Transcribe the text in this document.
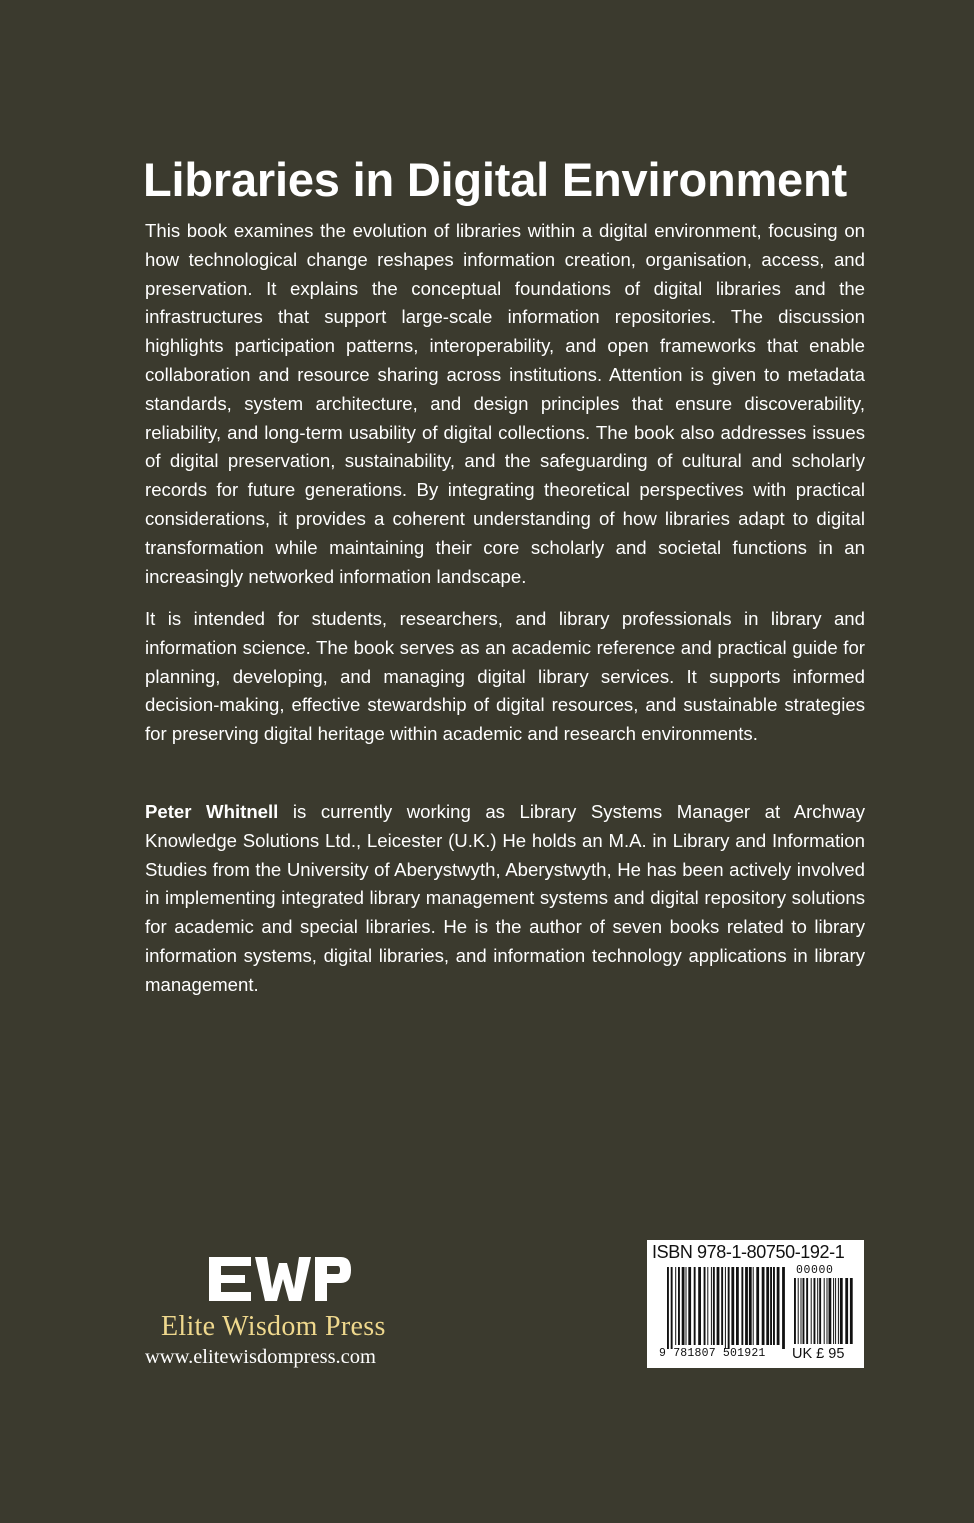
Libraries in Digital Environment

This book examines the evolution of libraries within a digital environment, focusing on how technological change reshapes information creation, organisation, access, and preservation. It explains the conceptual foundations of digital libraries and the infrastructures that support large-scale information repositories. The discussion highlights participation patterns, interoperability, and open frameworks that enable collaboration and resource sharing across institutions. Attention is given to metadata standards, system architecture, and design principles that ensure discoverability, reliability, and long-term usability of digital collections. The book also addresses issues of digital preservation, sustainability, and the safeguarding of cultural and scholarly records for future generations. By integrating theoretical perspectives with practical considerations, it provides a coherent understanding of how libraries adapt to digital transformation while maintaining their core scholarly and societal functions in an increasingly networked information landscape.

It is intended for students, researchers, and library professionals in library and information science. The book serves as an academic reference and practical guide for planning, developing, and managing digital library services. It supports informed decision-making, effective stewardship of digital resources, and sustainable strategies for preserving digital heritage within academic and research environments.

Peter Whitnell is currently working as Library Systems Manager at Archway Knowledge Solutions Ltd., Leicester (U.K.) He holds an M.A. in Library and Information Studies from the University of Aberystwyth, Aberystwyth, He has been actively involved in implementing integrated library management systems and digital repository solutions for academic and special libraries. He is the author of seven books related to library information systems, digital libraries, and information technology applications in library management.

Elite Wisdom Press
www.elitewisdompress.com
ISBN 978-1-80750-192-1
00000
9 781807 501921 UK £ 95
